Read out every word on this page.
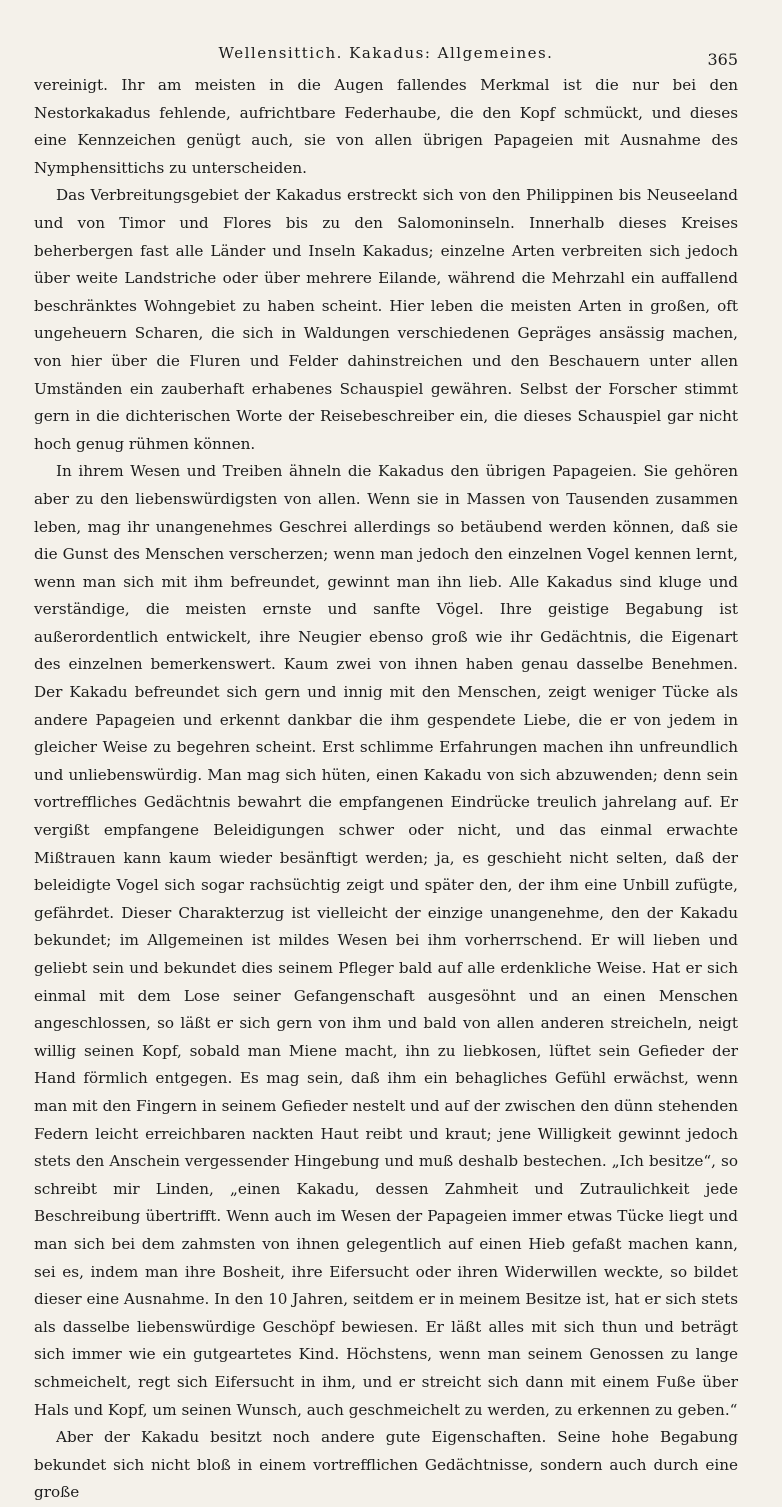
Wellensittich. Kakadus: Allgemeines.	365

vereinigt. Ihr am meisten in die Augen fallendes Merkmal ist die nur bei den Nestorkakadus fehlende, aufrichtbare Federhaube, die den Kopf schmückt, und dieses eine Kennzeichen genügt auch, sie von allen übrigen Papageien mit Ausnahme des Nymphensittichs zu unterscheiden.

Das Verbreitungsgebiet der Kakadus erstreckt sich von den Philippinen bis Neuseeland und von Timor und Flores bis zu den Salomoninseln. Innerhalb dieses Kreises beherbergen fast alle Länder und Inseln Kakadus; einzelne Arten verbreiten sich jedoch über weite Landstriche oder über mehrere Eilande, während die Mehrzahl ein auffallend beschränktes Wohngebiet zu haben scheint. Hier leben die meisten Arten in großen, oft ungeheuern Scharen, die sich in Waldungen verschiedenen Gepräges ansässig machen, von hier über die Fluren und Felder dahinstreichen und den Beschauern unter allen Umständen ein zauberhaft erhabenes Schauspiel gewähren. Selbst der Forscher stimmt gern in die dichterischen Worte der Reisebeschreiber ein, die dieses Schauspiel gar nicht hoch genug rühmen können.

In ihrem Wesen und Treiben ähneln die Kakadus den übrigen Papageien. Sie gehören aber zu den liebenswürdigsten von allen. Wenn sie in Massen von Tausenden zusammen leben, mag ihr unangenehmes Geschrei allerdings so betäubend werden können, daß sie die Gunst des Menschen verscherzen; wenn man jedoch den einzelnen Vogel kennen lernt, wenn man sich mit ihm befreundet, gewinnt man ihn lieb. Alle Kakadus sind kluge und verständige, die meisten ernste und sanfte Vögel. Ihre geistige Begabung ist außerordentlich entwickelt, ihre Neugier ebenso groß wie ihr Gedächtnis, die Eigenart des einzelnen bemerkenswert. Kaum zwei von ihnen haben genau dasselbe Benehmen. Der Kakadu befreundet sich gern und innig mit den Menschen, zeigt weniger Tücke als andere Papageien und erkennt dankbar die ihm gespendete Liebe, die er von jedem in gleicher Weise zu begehren scheint. Erst schlimme Erfahrungen machen ihn unfreundlich und unliebenswürdig. Man mag sich hüten, einen Kakadu von sich abzuwenden; denn sein vortreffliches Gedächtnis bewahrt die empfangenen Eindrücke treulich jahrelang auf. Er vergißt empfangene Beleidigungen schwer oder nicht, und das einmal erwachte Mißtrauen kann kaum wieder besänftigt werden; ja, es geschieht nicht selten, daß der beleidigte Vogel sich sogar rachsüchtig zeigt und später den, der ihm eine Unbill zufügte, gefährdet. Dieser Charakterzug ist vielleicht der einzige unangenehme, den der Kakadu bekundet; im Allgemeinen ist mildes Wesen bei ihm vorherrschend. Er will lieben und geliebt sein und bekundet dies seinem Pfleger bald auf alle erdenkliche Weise. Hat er sich einmal mit dem Lose seiner Gefangenschaft ausgesöhnt und an einen Menschen angeschlossen, so läßt er sich gern von ihm und bald von allen anderen streicheln, neigt willig seinen Kopf, sobald man Miene macht, ihn zu liebkosen, lüftet sein Gefieder der Hand förmlich entgegen. Es mag sein, daß ihm ein behagliches Gefühl erwächst, wenn man mit den Fingern in seinem Gefieder nestelt und auf der zwischen den dünn stehenden Federn leicht erreichbaren nackten Haut reibt und kraut; jene Willigkeit gewinnt jedoch stets den Anschein vergessender Hingebung und muß deshalb bestechen. „Ich besitze“, so schreibt mir Linden, „einen Kakadu, dessen Zahmheit und Zutraulichkeit jede Beschreibung übertrifft. Wenn auch im Wesen der Papageien immer etwas Tücke liegt und man sich bei dem zahmsten von ihnen gelegentlich auf einen Hieb gefaßt machen kann, sei es, indem man ihre Bosheit, ihre Eifersucht oder ihren Widerwillen weckte, so bildet dieser eine Ausnahme. In den 10 Jahren, seitdem er in meinem Besitze ist, hat er sich stets als dasselbe liebenswürdige Geschöpf bewiesen. Er läßt alles mit sich thun und beträgt sich immer wie ein gutgeartetes Kind. Höchstens, wenn man seinem Genossen zu lange schmeichelt, regt sich Eifersucht in ihm, und er streicht sich dann mit einem Fuße über Hals und Kopf, um seinen Wunsch, auch geschmeichelt zu werden, zu erkennen zu geben.“

Aber der Kakadu besitzt noch andere gute Eigenschaften. Seine hohe Begabung bekundet sich nicht bloß in einem vortrefflichen Gedächtnisse, sondern auch durch eine große
